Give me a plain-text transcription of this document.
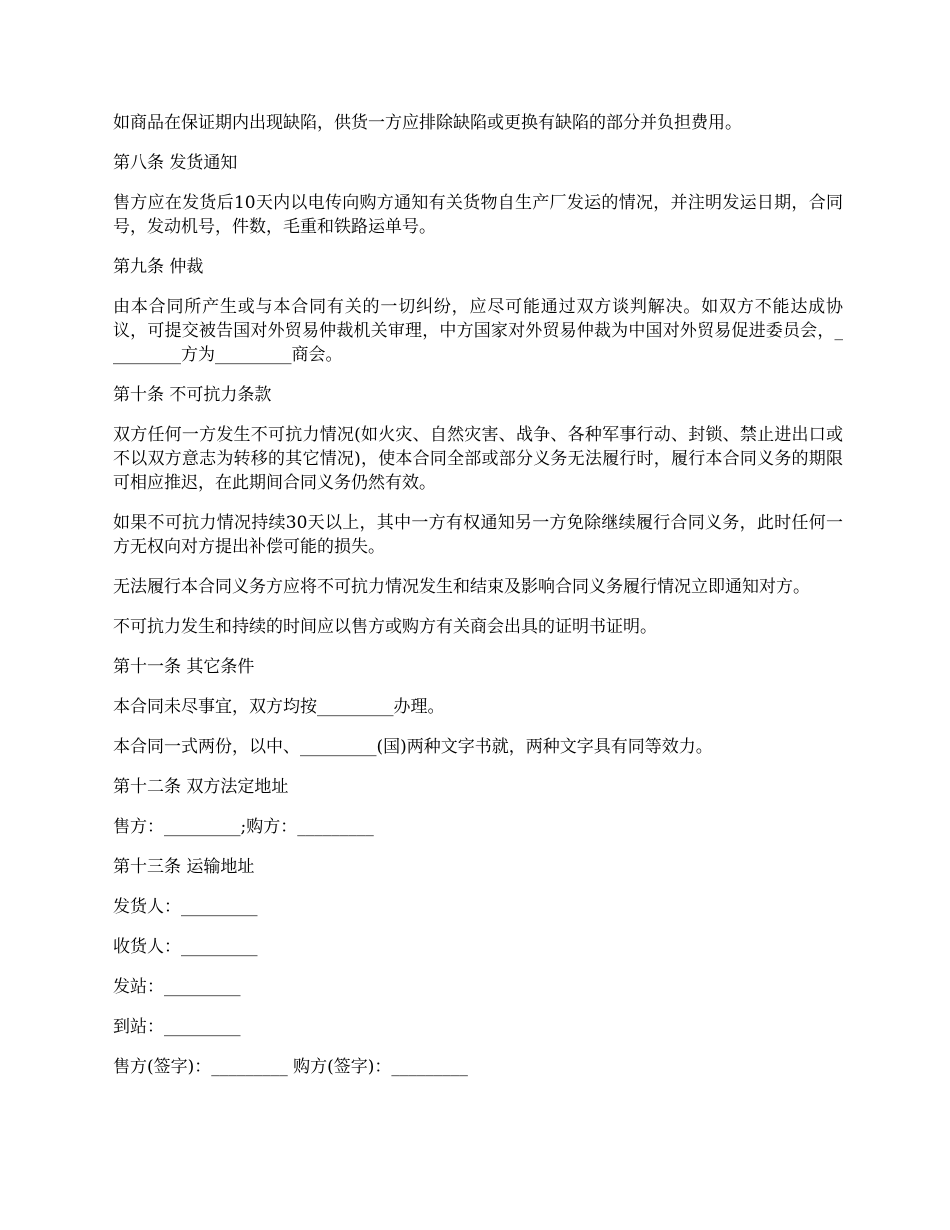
如商品在保证期内出现缺陷，供货一方应排除缺陷或更换有缺陷的部分并负担费用。

第八条 发货通知

售方应在发货后10天内以电传向购方通知有关货物自生产厂发运的情况，并注明发运日期，合同号，发动机号，件数，毛重和铁路运单号。

第九条 仲裁

由本合同所产生或与本合同有关的一切纠纷，应尽可能通过双方谈判解决。如双方不能达成协议，可提交被告国对外贸易仲裁机关审理，中方国家对外贸易仲裁为中国对外贸易促进委员会，_________方为_________商会。

第十条 不可抗力条款

双方任何一方发生不可抗力情况(如火灾、自然灾害、战争、各种军事行动、封锁、禁止进出口或不以双方意志为转移的其它情况)，使本合同全部或部分义务无法履行时，履行本合同义务的期限可相应推迟，在此期间合同义务仍然有效。

如果不可抗力情况持续30天以上，其中一方有权通知另一方免除继续履行合同义务，此时任何一方无权向对方提出补偿可能的损失。

无法履行本合同义务方应将不可抗力情况发生和结束及影响合同义务履行情况立即通知对方。

不可抗力发生和持续的时间应以售方或购方有关商会出具的证明书证明。

第十一条 其它条件

本合同未尽事宜，双方均按_________办理。

本合同一式两份，以中、_________(国)两种文字书就，两种文字具有同等效力。

第十二条 双方法定地址

售方：_________;购方：_________

第十三条 运输地址

发货人：_________

收货人：_________

发站：_________

到站：_________

售方(签字)：_________ 购方(签字)：_________
